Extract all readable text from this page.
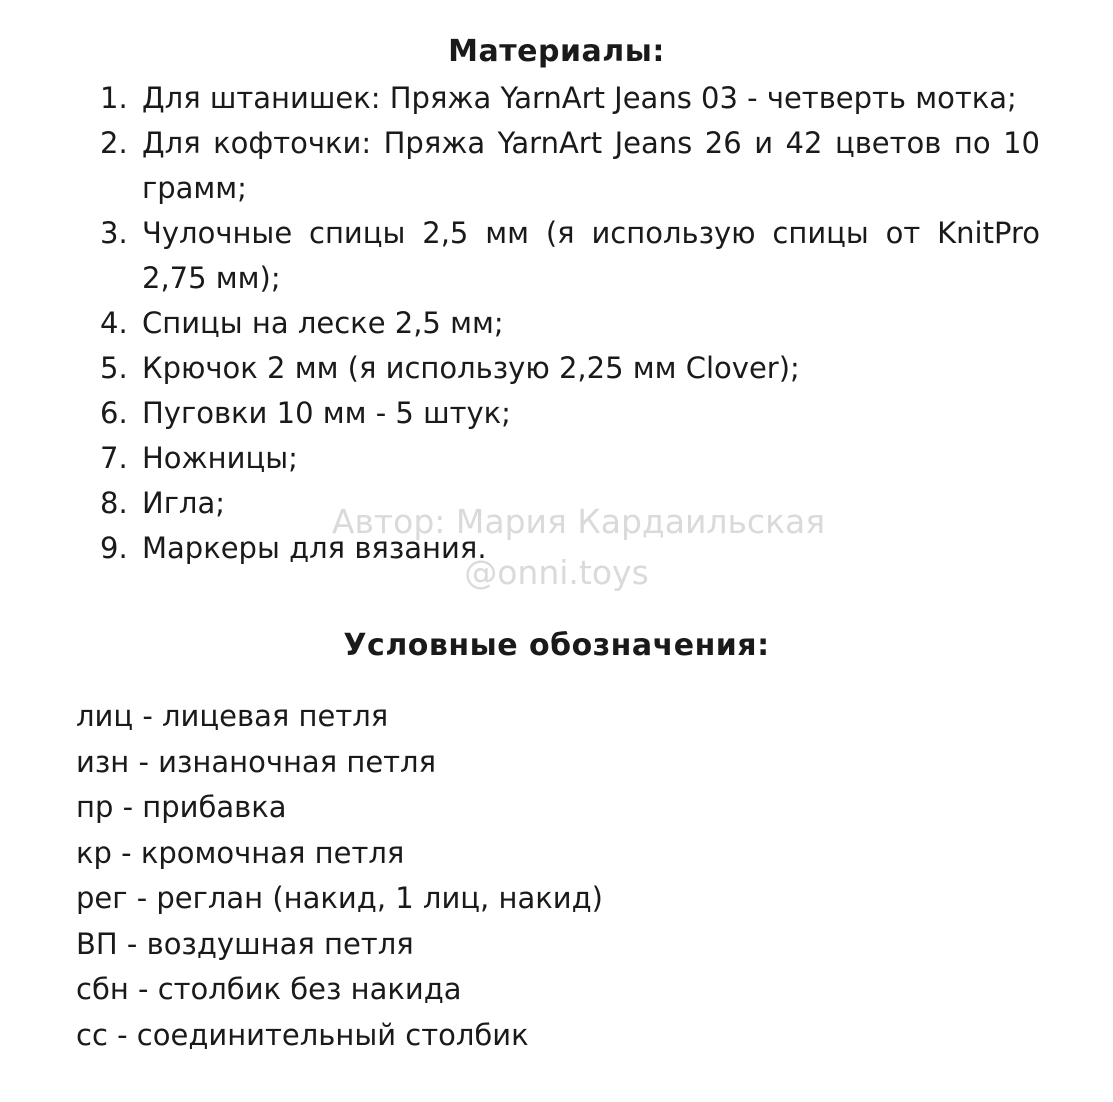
Материалы:
1. Для штанишек: Пряжа YarnArt Jeans 03 - четверть мотка;
2. Для кофточки: Пряжа YarnArt Jeans 26 и 42 цветов по 10 грамм;
3. Чулочные спицы 2,5 мм (я использую спицы от KnitPro 2,75 мм);
4. Спицы на леске 2,5 мм;
5. Крючок 2 мм (я использую 2,25 мм Clover);
6. Пуговки 10 мм - 5 штук;
7. Ножницы;
8. Игла;
9. Маркеры для вязания.
Автор: Мария Кардаильская
@onni.toys
Условные обозначения:
лиц - лицевая петля
изн - изнаночная петля
пр - прибавка
кр - кромочная петля
рег - реглан (накид, 1 лиц, накид)
ВП - воздушная петля
сбн - столбик без накида
сс - соединительный столбик
